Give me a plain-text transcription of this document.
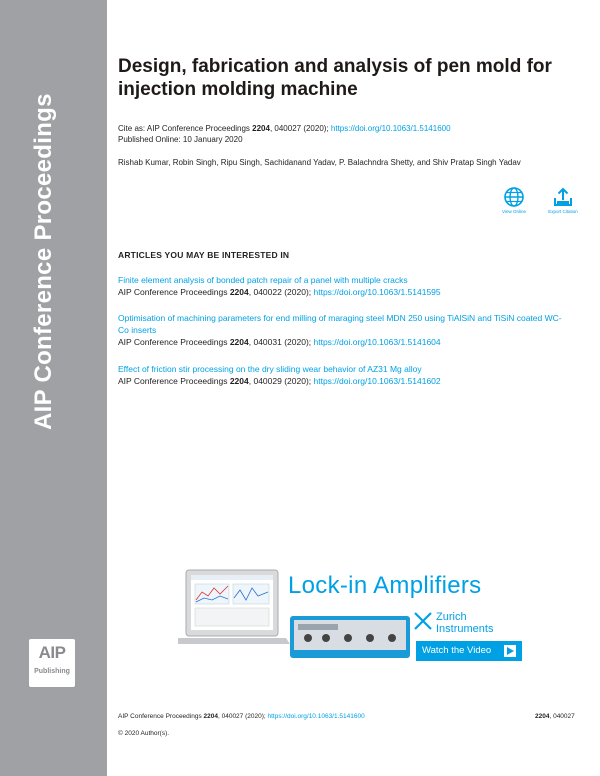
AIP Conference Proceedings
AIP
Publishing
Design, fabrication and analysis of pen mold for injection molding machine
Cite as: AIP Conference Proceedings 2204, 040027 (2020); https://doi.org/10.1063/1.5141600
Published Online: 10 January 2020
Rishab Kumar, Robin Singh, Ripu Singh, Sachidanand Yadav, P. Balachndra Shetty, and Shiv Pratap Singh Yadav
View Online	Export Citation
ARTICLES YOU MAY BE INTERESTED IN
Finite element analysis of bonded patch repair of a panel with multiple cracks
AIP Conference Proceedings 2204, 040022 (2020); https://doi.org/10.1063/1.5141595
Optimisation of machining parameters for end milling of maraging steel MDN 250 using TiAlSiN and TiSiN coated WC-Co inserts
AIP Conference Proceedings 2204, 040031 (2020); https://doi.org/10.1063/1.5141604
Effect of friction stir processing on the dry sliding wear behavior of AZ31 Mg alloy
AIP Conference Proceedings 2204, 040029 (2020); https://doi.org/10.1063/1.5141602
Lock-in Amplifiers
Zurich
Instruments
Watch the Video
AIP Conference Proceedings 2204, 040027 (2020); https://doi.org/10.1063/1.5141600	2204, 040027
© 2020 Author(s).
